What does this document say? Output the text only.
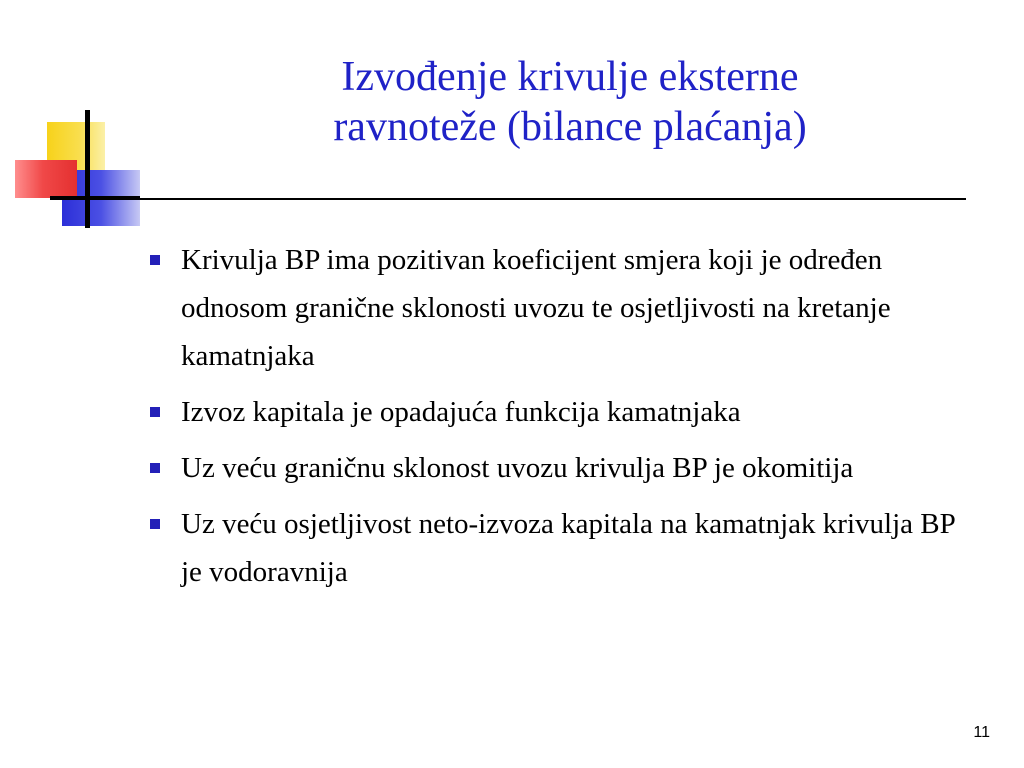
Izvođenje krivulje eksterne
ravnoteže (bilance plaćanja)
Krivulja BP ima pozitivan koeficijent smjera koji je određen odnosom granične sklonosti uvozu te osjetljivosti na kretanje kamatnjaka
Izvoz kapitala je opadajuća funkcija kamatnjaka
Uz veću graničnu sklonost uvozu krivulja BP je okomitija
Uz veću osjetljivost neto-izvoza kapitala na kamatnjak krivulja BP je vodoravnija
11
